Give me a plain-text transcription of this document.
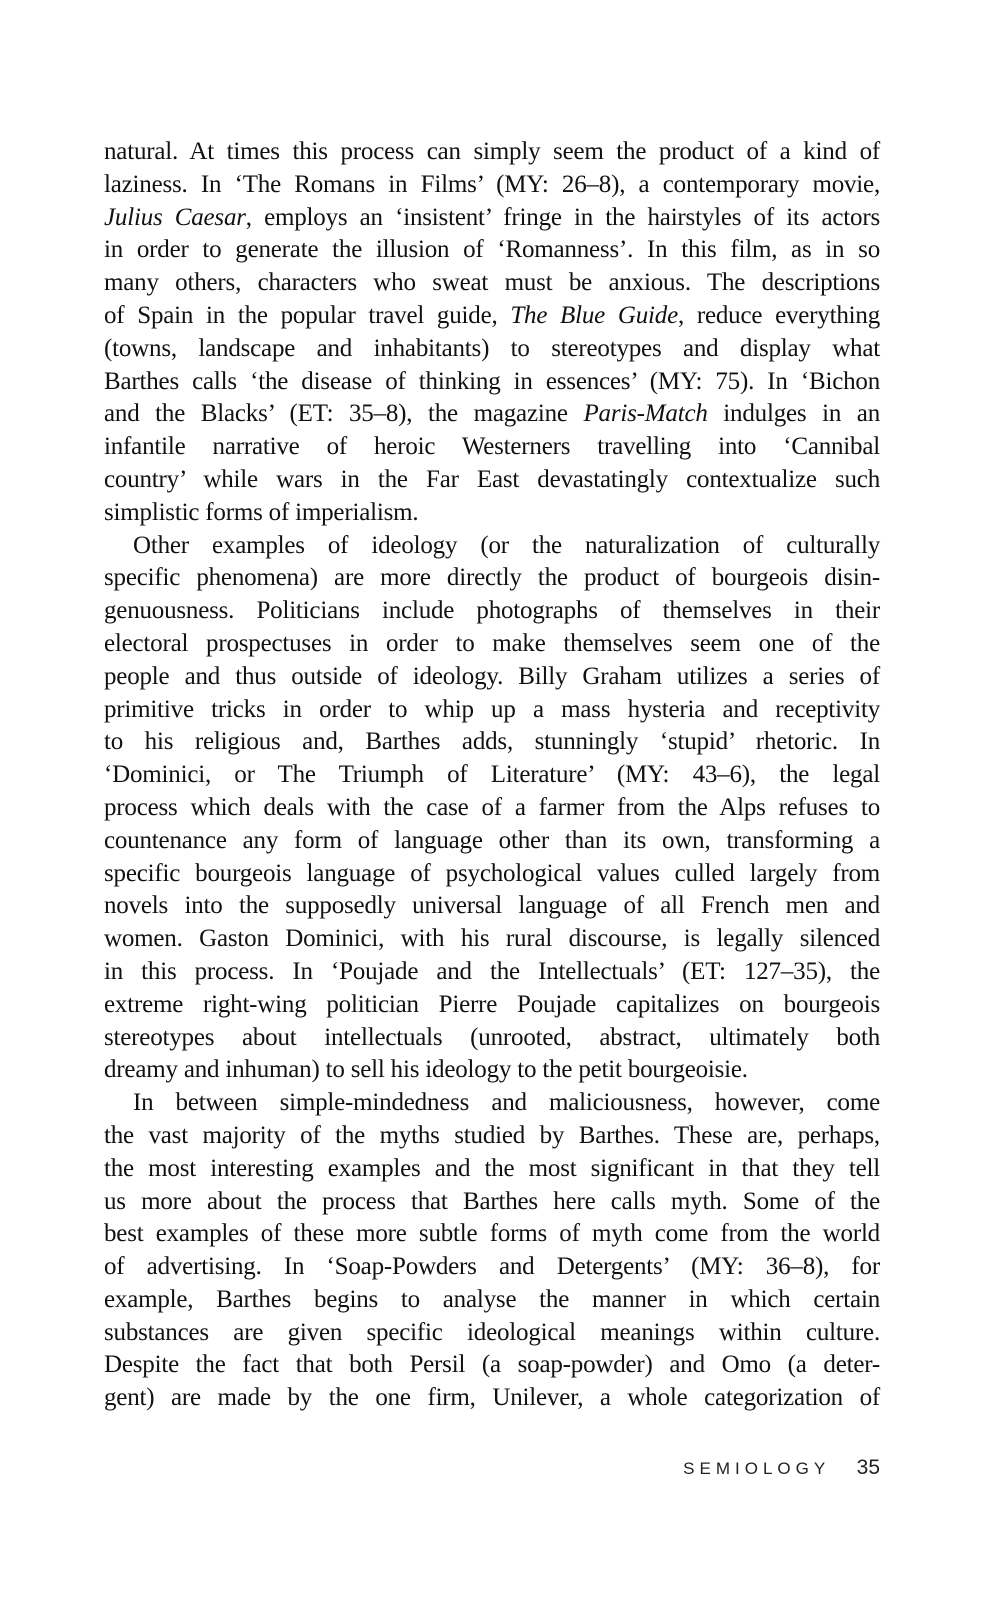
natural. At times this process can simply seem the product of a kind of
laziness. In ‘The Romans in Films’ (MY: 26–8), a contemporary movie,
Julius Caesar, employs an ‘insistent’ fringe in the hairstyles of its actors
in order to generate the illusion of ‘Romanness’. In this film, as in so
many others, characters who sweat must be anxious. The descriptions
of Spain in the popular travel guide, The Blue Guide, reduce everything
(towns, landscape and inhabitants) to stereotypes and display what
Barthes calls ‘the disease of thinking in essences’ (MY: 75). In ‘Bichon
and the Blacks’ (ET: 35–8), the magazine Paris-Match indulges in an
infantile narrative of heroic Westerners travelling into ‘Cannibal
country’ while wars in the Far East devastatingly contextualize such
simplistic forms of imperialism.
Other examples of ideology (or the naturalization of culturally
specific phenomena) are more directly the product of bourgeois disin-
genuousness. Politicians include photographs of themselves in their
electoral prospectuses in order to make themselves seem one of the
people and thus outside of ideology. Billy Graham utilizes a series of
primitive tricks in order to whip up a mass hysteria and receptivity
to his religious and, Barthes adds, stunningly ‘stupid’ rhetoric. In
‘Dominici, or The Triumph of Literature’ (MY: 43–6), the legal
process which deals with the case of a farmer from the Alps refuses to
countenance any form of language other than its own, transforming a
specific bourgeois language of psychological values culled largely from
novels into the supposedly universal language of all French men and
women. Gaston Dominici, with his rural discourse, is legally silenced
in this process. In ‘Poujade and the Intellectuals’ (ET: 127–35), the
extreme right-wing politician Pierre Poujade capitalizes on bourgeois
stereotypes about intellectuals (unrooted, abstract, ultimately both
dreamy and inhuman) to sell his ideology to the petit bourgeoisie.
In between simple-mindedness and maliciousness, however, come
the vast majority of the myths studied by Barthes. These are, perhaps,
the most interesting examples and the most significant in that they tell
us more about the process that Barthes here calls myth. Some of the
best examples of these more subtle forms of myth come from the world
of advertising. In ‘Soap-Powders and Detergents’ (MY: 36–8), for
example, Barthes begins to analyse the manner in which certain
substances are given specific ideological meanings within culture.
Despite the fact that both Persil (a soap-powder) and Omo (a deter-
gent) are made by the one firm, Unilever, a whole categorization of
SEMIOLOGY 35
